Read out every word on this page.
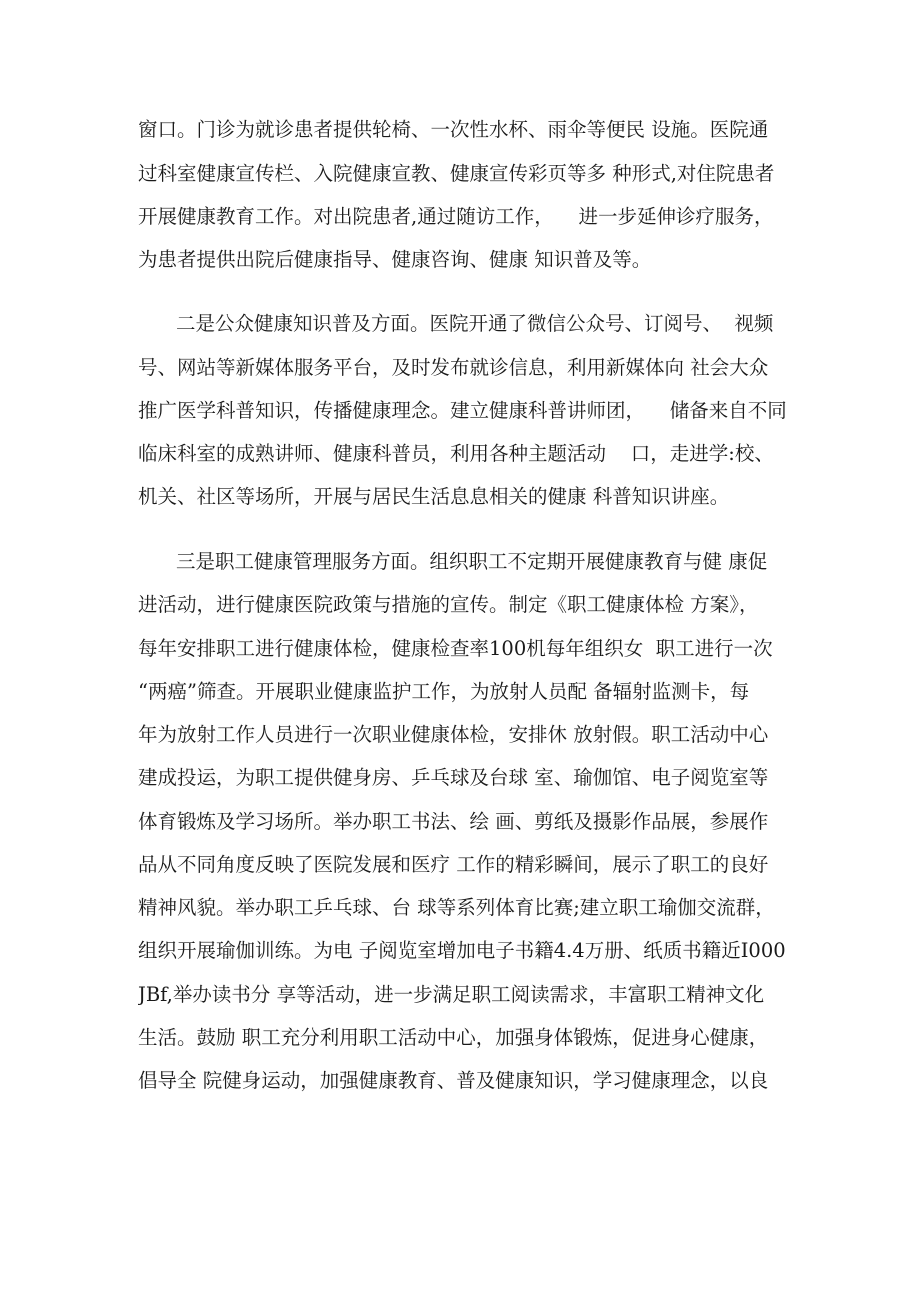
窗口。门诊为就诊患者提供轮椅、一次性水杯、雨伞等便民 设施。医院通
过科室健康宣传栏、入院健康宣教、健康宣传彩页等多 种形式,对住院患者
开展健康教育工作。对出院患者,通过随访工作，    进一步延伸诊疗服务，
为患者提供出院后健康指导、健康咨询、健康 知识普及等。
二是公众健康知识普及方面。医院开通了微信公众号、订阅号、  视频
号、网站等新媒体服务平台，及时发布就诊信息，利用新媒体向 社会大众
推广医学科普知识，传播健康理念。建立健康科普讲师团，    储备来自不同
临床科室的成熟讲师、健康科普员，利用各种主题活动    口，走进学:校、
机关、社区等场所，开展与居民生活息息相关的健康 科普知识讲座。
三是职工健康管理服务方面。组织职工不定期开展健康教育与健 康促
进活动，进行健康医院政策与措施的宣传。制定《职工健康体检 方案》，
每年安排职工进行健康体检，健康检查率100机每年组织女  职工进行一次
“两癌”筛查。开展职业健康监护工作，为放射人员配 备辐射监测卡，每
年为放射工作人员进行一次职业健康体检，安排休 放射假。职工活动中心
建成投运，为职工提供健身房、乒乓球及台球 室、瑜伽馆、电子阅览室等
体育锻炼及学习场所。举办职工书法、绘 画、剪纸及摄影作品展，参展作
品从不同角度反映了医院发展和医疗 工作的精彩瞬间，展示了职工的良好
精神风貌。举办职工乒乓球、台 球等系列体育比赛;建立职工瑜伽交流群，
组织开展瑜伽训练。为电 子阅览室增加电子书籍4.4万册、纸质书籍近I000
JBf,举办读书分 享等活动，进一步满足职工阅读需求，丰富职工精神文化
生活。鼓励 职工充分利用职工活动中心，加强身体锻炼，促进身心健康，
倡导全 院健身运动，加强健康教育、普及健康知识，学习健康理念，以良
